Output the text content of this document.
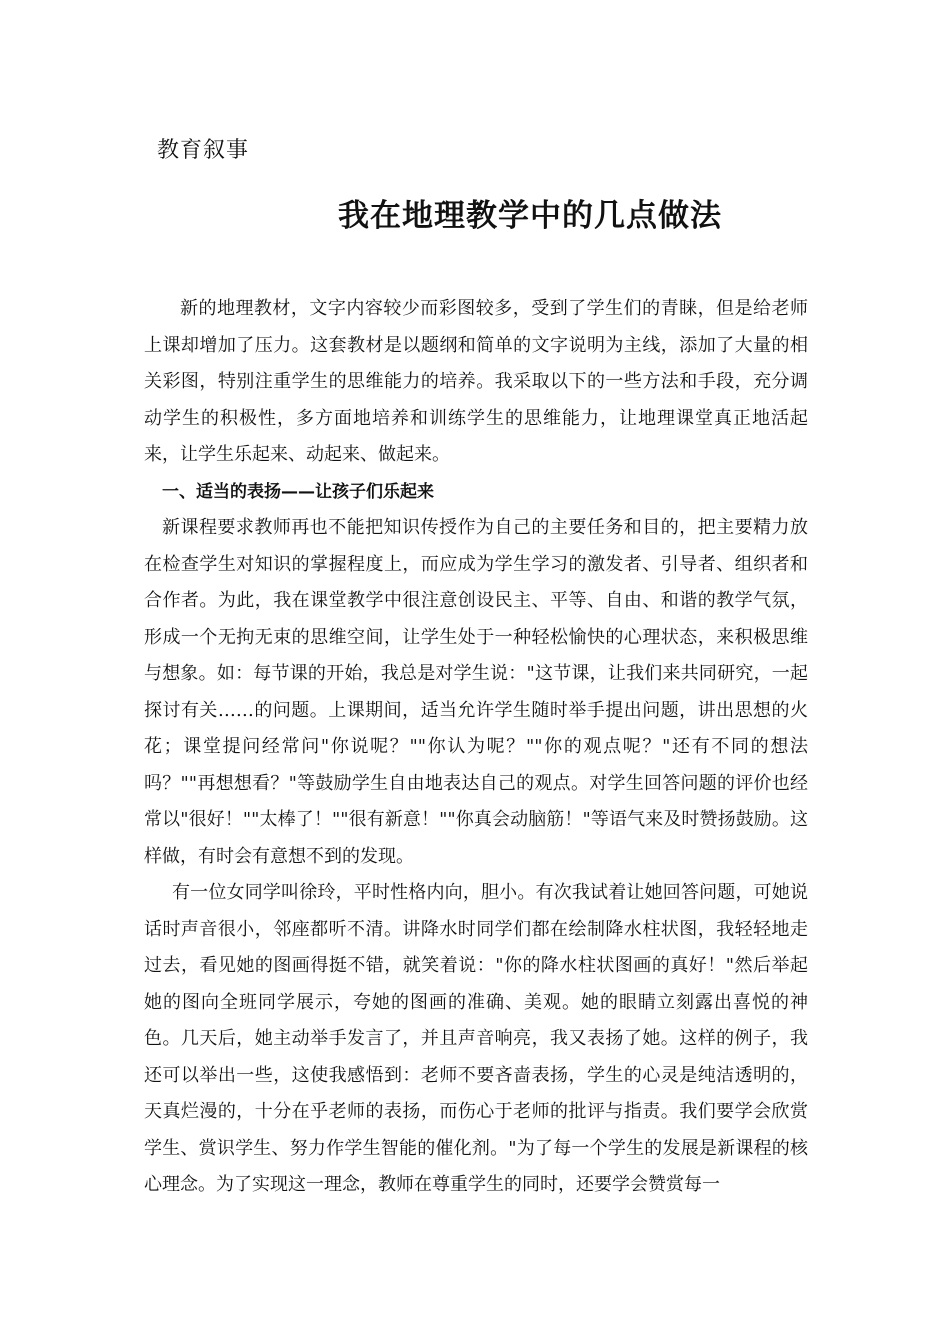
教育叙事
我在地理教学中的几点做法

新的地理教材，文字内容较少而彩图较多，受到了学生们的青睐，但是给老师上课却增加了压力。这套教材是以题纲和简单的文字说明为主线，添加了大量的相关彩图，特别注重学生的思维能力的培养。我采取以下的一些方法和手段，充分调动学生的积极性，多方面地培养和训练学生的思维能力，让地理课堂真正地活起来，让学生乐起来、动起来、做起来。

一、适当的表扬——让孩子们乐起来

新课程要求教师再也不能把知识传授作为自己的主要任务和目的，把主要精力放在检查学生对知识的掌握程度上，而应成为学生学习的激发者、引导者、组织者和合作者。为此，我在课堂教学中很注意创设民主、平等、自由、和谐的教学气氛，形成一个无拘无束的思维空间，让学生处于一种轻松愉快的心理状态，来积极思维与想象。如：每节课的开始，我总是对学生说："这节课，让我们来共同研究，一起探讨有关……的问题。上课期间，适当允许学生随时举手提出问题，讲出思想的火花；课堂提问经常问"你说呢？""你认为呢？""你的观点呢？"还有不同的想法吗？""再想想看？"等鼓励学生自由地表达自己的观点。对学生回答问题的评价也经常以"很好！""太棒了！""很有新意！""你真会动脑筋！"等语气来及时赞扬鼓励。这样做，有时会有意想不到的发现。

有一位女同学叫徐玲，平时性格内向，胆小。有次我试着让她回答问题，可她说话时声音很小，邻座都听不清。讲降水时同学们都在绘制降水柱状图，我轻轻地走过去，看见她的图画得挺不错，就笑着说："你的降水柱状图画的真好！"然后举起她的图向全班同学展示，夸她的图画的准确、美观。她的眼睛立刻露出喜悦的神色。几天后，她主动举手发言了，并且声音响亮，我又表扬了她。这样的例子，我还可以举出一些，这使我感悟到：老师不要吝啬表扬，学生的心灵是纯洁透明的，天真烂漫的，十分在乎老师的表扬，而伤心于老师的批评与指责。我们要学会欣赏学生、赏识学生、努力作学生智能的催化剂。"为了每一个学生的发展是新课程的核心理念。为了实现这一理念，教师在尊重学生的同时，还要学会赞赏每一
